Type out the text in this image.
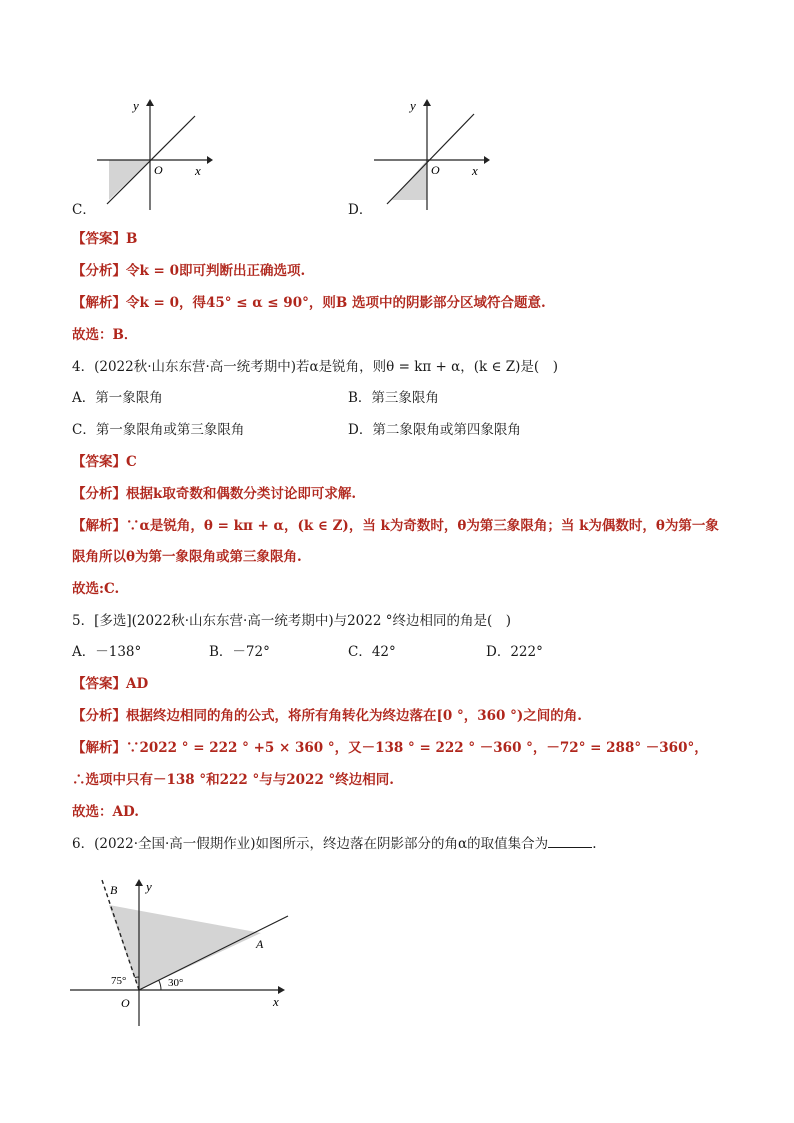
x
y
O
C．
x
y
O
D．
【答案】B
【分析】令k = 0即可判断出正确选项.
【解析】令k = 0，得45° ≤ α ≤ 90°，则B 选项中的阴影部分区域符合题意.
故选：B．
4．(2022秋·山东东营·高一统考期中)若α是锐角，则θ = kπ + α，(k ∈ Z)是(　)
A．第一象限角	B．第三象限角
C．第一象限角或第三象限角	D．第二象限角或第四象限角
【答案】C
【分析】根据k取奇数和偶数分类讨论即可求解.
【解析】∵α是锐角，θ = kπ + α，(k ∈ Z)，当 k为奇数时，θ为第三象限角；当 k为偶数时，θ为第一象
限角所以θ为第一象限角或第三象限角.
故选:C.
5．[多选](2022秋·山东东营·高一统考期中)与2022 °终边相同的角是(　)
A．－138°	B．－72°	C．42°	D．222°
【答案】AD
【分析】根据终边相同的角的公式，将所有角转化为终边落在[0 °，360 °)之间的角.
【解析】∵2022 ° = 222 ° +5 × 360 °，又－138 ° = 222 ° －360 °，－72° = 288° －360°，
∴选项中只有－138 °和222 °与与2022 °终边相同.
故选：AD.
6．(2022·全国·高一假期作业)如图所示，终边落在阴影部分的角α的取值集合为	.
x
y
O
A
B
75°	30°
